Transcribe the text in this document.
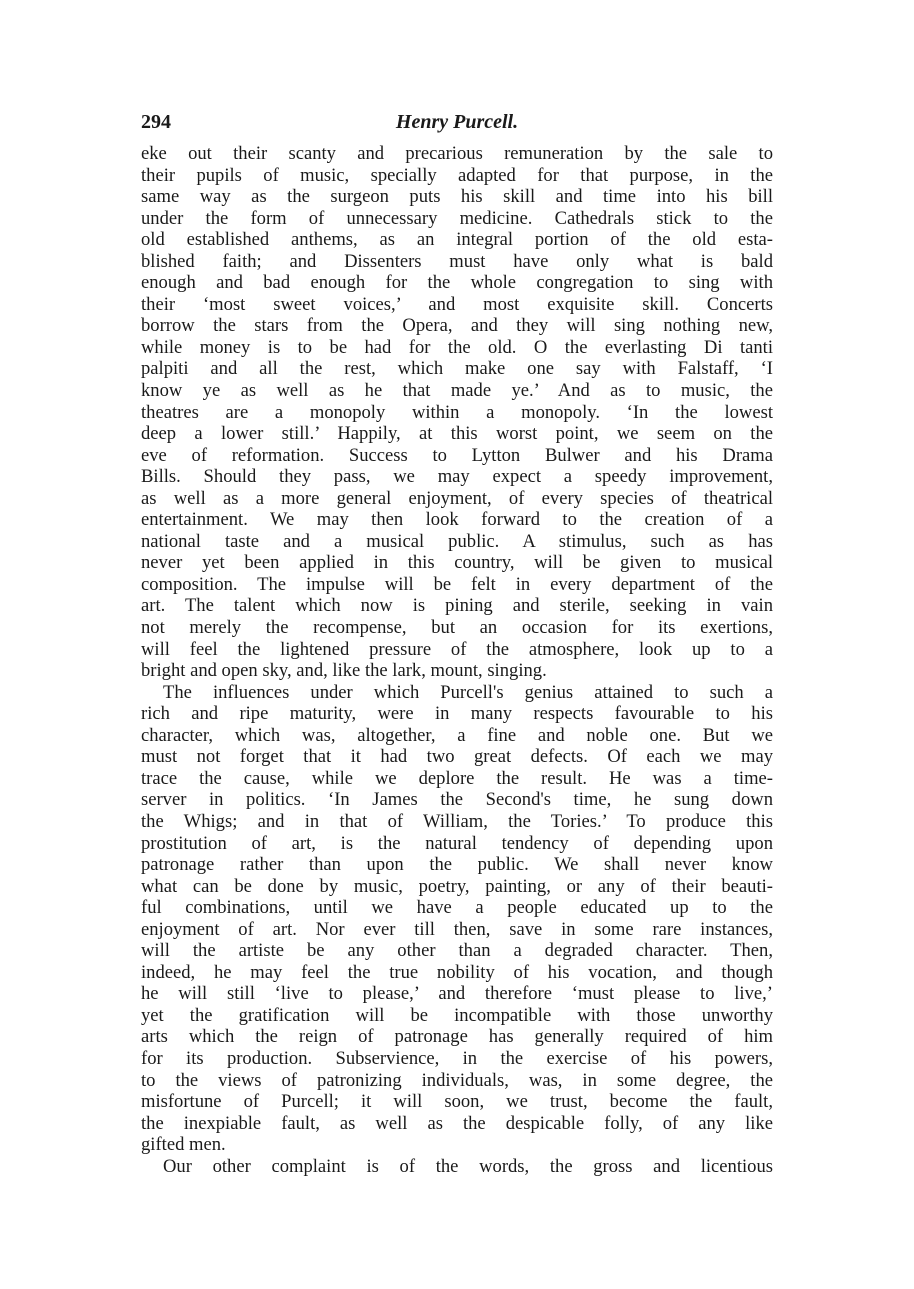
294	Henry Purcell.
eke out their scanty and precarious remuneration by the sale to
their pupils of music, specially adapted for that purpose, in the
same way as the surgeon puts his skill and time into his bill
under the form of unnecessary medicine. Cathedrals stick to the
old established anthems, as an integral portion of the old esta-
blished faith; and Dissenters must have only what is bald
enough and bad enough for the whole congregation to sing with
their ‘most sweet voices,’ and most exquisite skill. Concerts
borrow the stars from the Opera, and they will sing nothing new,
while money is to be had for the old. O the everlasting Di tanti
palpiti and all the rest, which make one say with Falstaff, ‘I
know ye as well as he that made ye.’ And as to music, the
theatres are a monopoly within a monopoly. ‘In the lowest
deep a lower still.’ Happily, at this worst point, we seem on the
eve of reformation. Success to Lytton Bulwer and his Drama
Bills. Should they pass, we may expect a speedy improvement,
as well as a more general enjoyment, of every species of theatrical
entertainment. We may then look forward to the creation of a
national taste and a musical public. A stimulus, such as has
never yet been applied in this country, will be given to musical
composition. The impulse will be felt in every department of the
art. The talent which now is pining and sterile, seeking in vain
not merely the recompense, but an occasion for its exertions,
will feel the lightened pressure of the atmosphere, look up to a
bright and open sky, and, like the lark, mount, singing.
The influences under which Purcell's genius attained to such a
rich and ripe maturity, were in many respects favourable to his
character, which was, altogether, a fine and noble one. But we
must not forget that it had two great defects. Of each we may
trace the cause, while we deplore the result. He was a time-
server in politics. ‘In James the Second's time, he sung down
the Whigs; and in that of William, the Tories.’ To produce this
prostitution of art, is the natural tendency of depending upon
patronage rather than upon the public. We shall never know
what can be done by music, poetry, painting, or any of their beauti-
ful combinations, until we have a people educated up to the
enjoyment of art. Nor ever till then, save in some rare instances,
will the artiste be any other than a degraded character. Then,
indeed, he may feel the true nobility of his vocation, and though
he will still ‘live to please,’ and therefore ‘must please to live,’
yet the gratification will be incompatible with those unworthy
arts which the reign of patronage has generally required of him
for its production. Subservience, in the exercise of his powers,
to the views of patronizing individuals, was, in some degree, the
misfortune of Purcell; it will soon, we trust, become the fault,
the inexpiable fault, as well as the despicable folly, of any like
gifted men.
Our other complaint is of the words, the gross and licentious
